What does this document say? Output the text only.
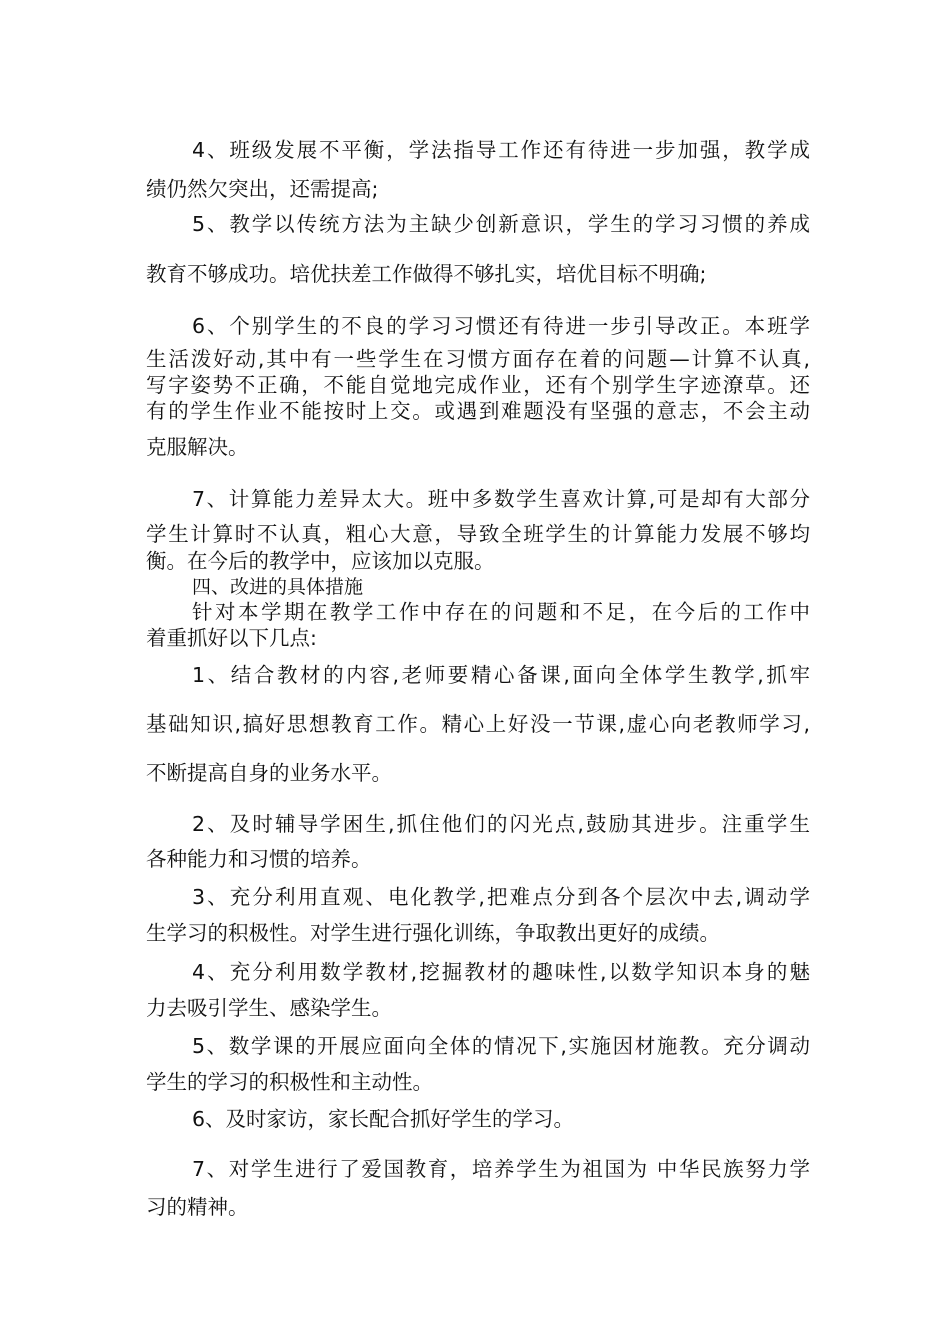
4、班级发展不平衡，学法指导工作还有待进一步加强，教学成
绩仍然欠突出，还需提高;
5、教学以传统方法为主缺少创新意识，学生的学习习惯的养成
教育不够成功。培优扶差工作做得不够扎实，培优目标不明确;
6、个别学生的不良的学习习惯还有待进一步引导改正。本班学
生活泼好动,其中有一些学生在习惯方面存在着的问题—计算不认真,
写字姿势不正确，不能自觉地完成作业，还有个别学生字迹潦草。还
有的学生作业不能按时上交。或遇到难题没有坚强的意志，不会主动
克服解决。
7、计算能力差异太大。班中多数学生喜欢计算,可是却有大部分
学生计算时不认真，粗心大意，导致全班学生的计算能力发展不够均
衡。在今后的教学中，应该加以克服。
四、改进的具体措施
针对本学期在教学工作中存在的问题和不足，在今后的工作中
着重抓好以下几点:
1、结合教材的内容,老师要精心备课,面向全体学生教学,抓牢
基础知识,搞好思想教育工作。精心上好没一节课,虚心向老教师学习,
不断提高自身的业务水平。
2、及时辅导学困生,抓住他们的闪光点,鼓励其进步。注重学生
各种能力和习惯的培养。
3、充分利用直观、电化教学,把难点分到各个层次中去,调动学
生学习的积极性。对学生进行强化训练，争取教出更好的成绩。
4、充分利用数学教材,挖掘教材的趣味性,以数学知识本身的魅
力去吸引学生、感染学生。
5、数学课的开展应面向全体的情况下,实施因材施教。充分调动
学生的学习的积极性和主动性。
6、及时家访，家长配合抓好学生的学习。
7、对学生进行了爱国教育，培养学生为祖国为 中华民族努力学
习的精神。
